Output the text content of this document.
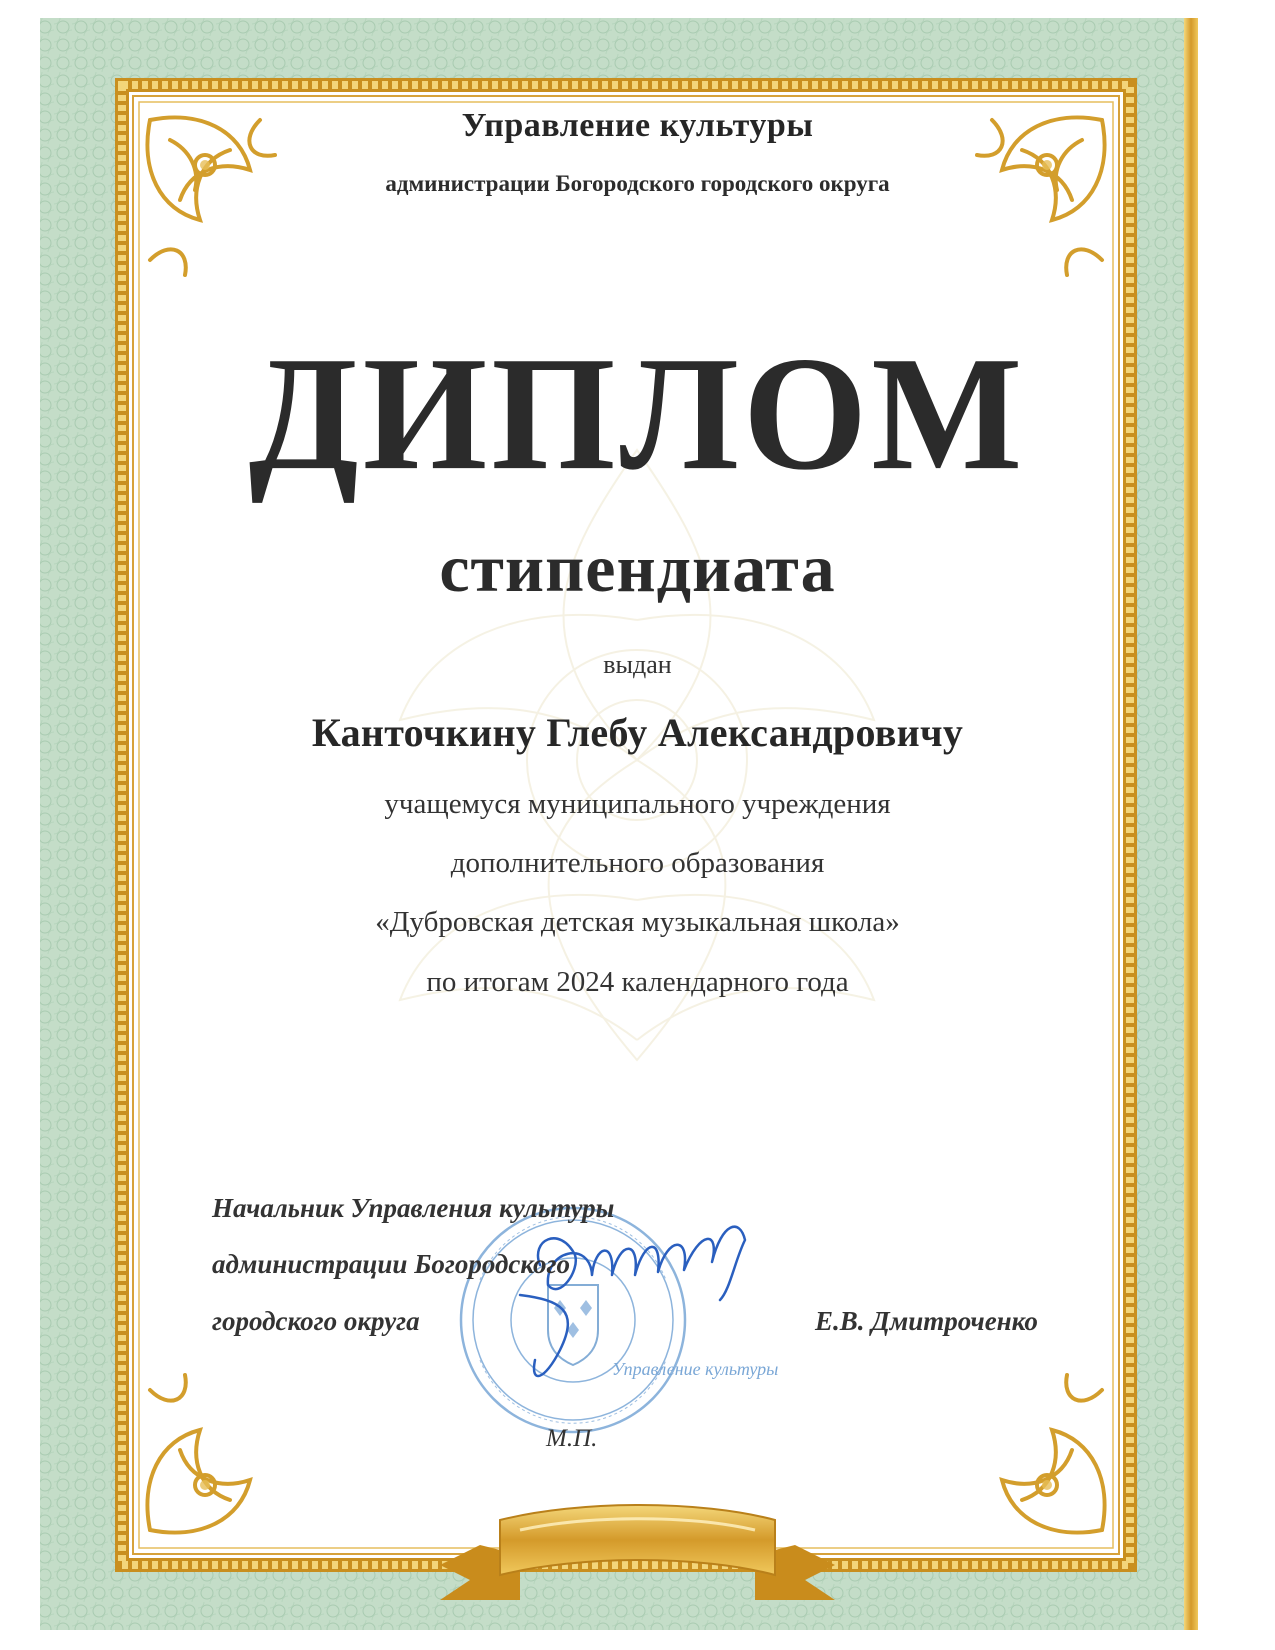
Управление культуры
Управление культуры
администрации Богородского городского округа
ДИПЛОМ
стипендиата
выдан
Канточкину Глебу Александровичу
учащемуся муниципального учреждения
дополнительного образования
«Дубровская детская музыкальная школа»
по итогам 2024 календарного года
Начальник Управления культуры
администрации Богородского
городского округа	Е.В. Дмитроченко
М.П.
